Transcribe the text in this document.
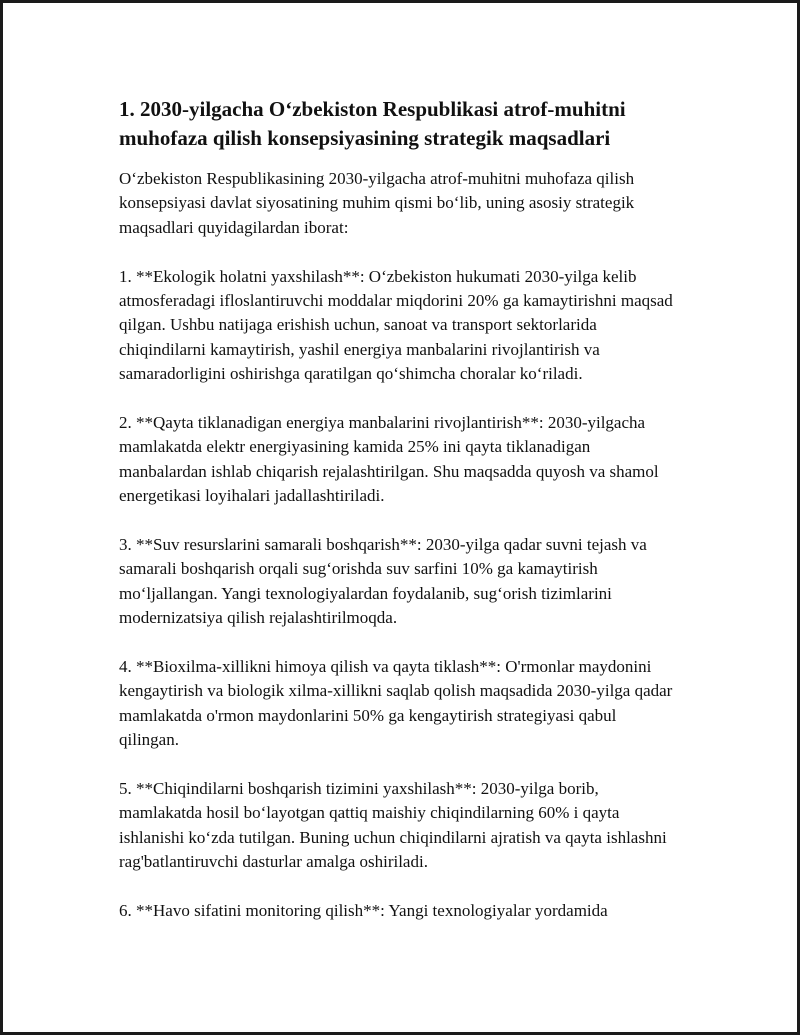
1. 2030-yilgacha O‘zbekiston Respublikasi atrof-muhitni muhofaza qilish konsepsiyasining strategik maqsadlari

O‘zbekiston Respublikasining 2030-yilgacha atrof-muhitni muhofaza qilish konsepsiyasi davlat siyosatining muhim qismi bo‘lib, uning asosiy strategik maqsadlari quyidagilardan iborat:

1. **Ekologik holatni yaxshilash**: O‘zbekiston hukumati 2030-yilga kelib atmosferadagi ifloslantiruvchi moddalar miqdorini 20% ga kamaytirishni maqsad qilgan. Ushbu natijaga erishish uchun, sanoat va transport sektorlarida chiqindilarni kamaytirish, yashil energiya manbalarini rivojlantirish va samaradorligini oshirishga qaratilgan qo‘shimcha choralar ko‘riladi.

2. **Qayta tiklanadigan energiya manbalarini rivojlantirish**: 2030-yilgacha mamlakatda elektr energiyasining kamida 25% ini qayta tiklanadigan manbalardan ishlab chiqarish rejalashtirilgan. Shu maqsadda quyosh va shamol energetikasi loyihalari jadallashtiriladi.

3. **Suv resurslarini samarali boshqarish**: 2030-yilga qadar suvni tejash va samarali boshqarish orqali sug‘orishda suv sarfini 10% ga kamaytirish mo‘ljallangan. Yangi texnologiyalardan foydalanib, sug‘orish tizimlarini modernizatsiya qilish rejalashtirilmoqda.

4. **Bioxilma-xillikni himoya qilish va qayta tiklash**: O'rmonlar maydonini kengaytirish va biologik xilma-xillikni saqlab qolish maqsadida 2030-yilga qadar mamlakatda o'rmon maydonlarini 50% ga kengaytirish strategiyasi qabul qilingan.

5. **Chiqindilarni boshqarish tizimini yaxshilash**: 2030-yilga borib, mamlakatda hosil bo‘layotgan qattiq maishiy chiqindilarning 60% i qayta ishlanishi ko‘zda tutilgan. Buning uchun chiqindilarni ajratish va qayta ishlashni rag'batlantiruvchi dasturlar amalga oshiriladi.

6. **Havo sifatini monitoring qilish**: Yangi texnologiyalar yordamida
